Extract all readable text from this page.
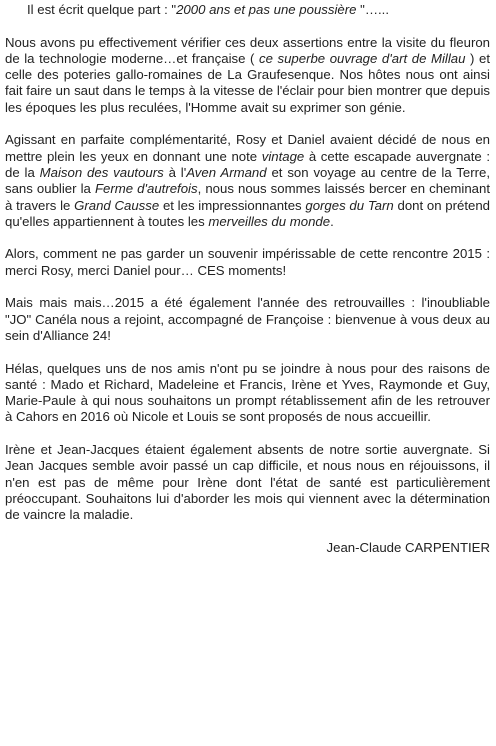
Il est écrit quelque part : "2000 ans et pas une poussière "…...

Nous avons pu effectivement vérifier ces deux assertions entre la visite du fleuron de la technologie moderne…et française ( ce superbe ouvrage d'art de Millau ) et celle des poteries gallo-romaines de La Graufesenque. Nos hôtes nous ont ainsi fait faire un saut dans le temps à la vitesse de l'éclair pour bien montrer que depuis les époques les plus reculées, l'Homme avait su exprimer son génie.

Agissant en parfaite complémentarité, Rosy et Daniel avaient décidé de nous en mettre plein les yeux en donnant une note vintage à cette escapade auvergnate : de la Maison des vautours à l'Aven Armand et son voyage au centre de la Terre, sans oublier la Ferme d'autrefois, nous nous sommes laissés bercer en cheminant à travers le Grand Causse et les impressionnantes gorges du Tarn dont on prétend qu'elles appartiennent à toutes les merveilles du monde.

Alors, comment ne pas garder un souvenir impérissable de cette rencontre 2015 : merci Rosy, merci Daniel pour… CES moments!

Mais mais mais…2015 a été également l'année des retrouvailles : l'inoubliable "JO" Canéla nous a rejoint, accompagné de Françoise : bienvenue à vous deux au sein d'Alliance 24!

Hélas, quelques uns de nos amis n'ont pu se joindre à nous pour des raisons de santé : Mado et Richard, Madeleine et Francis, Irène et Yves, Raymonde et Guy, Marie-Paule à qui nous souhaitons un prompt rétablissement afin de les retrouver à Cahors en 2016 où Nicole et Louis se sont proposés de nous accueillir.

Irène et Jean-Jacques étaient également absents de notre sortie auvergnate. Si Jean Jacques semble avoir passé un cap difficile, et nous nous en réjouissons, il n'en est pas de même pour Irène dont l'état de santé est particulièrement préoccupant. Souhaitons lui d'aborder les mois qui viennent avec la détermination de vaincre la maladie.

Jean-Claude CARPENTIER
